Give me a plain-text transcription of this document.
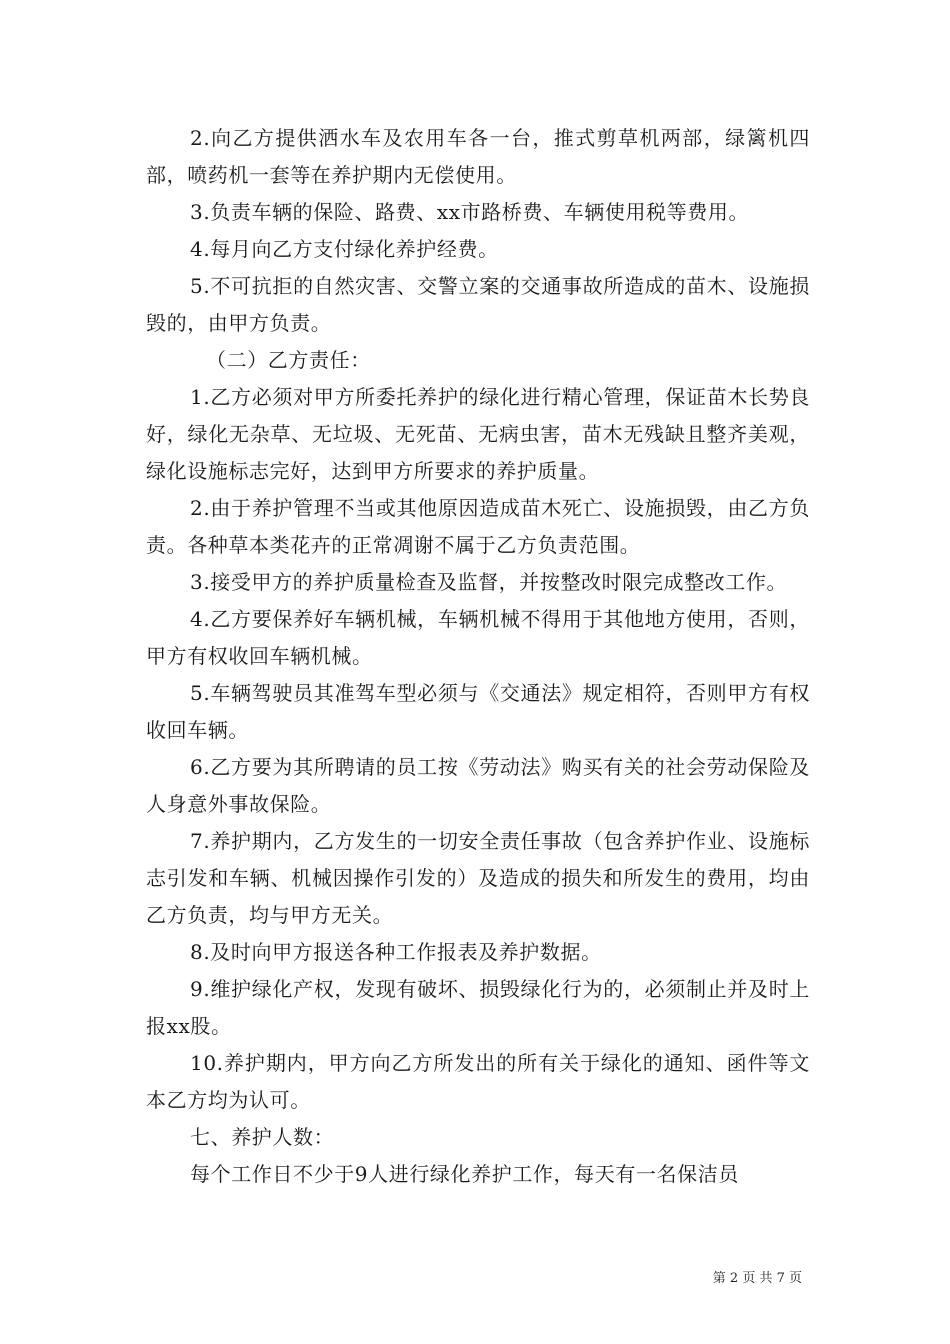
2.向乙方提供洒水车及农用车各一台，推式剪草机两部，绿篱机四部，喷药机一套等在养护期内无偿使用。

3.负责车辆的保险、路费、xx市路桥费、车辆使用税等费用。

4.每月向乙方支付绿化养护经费。

5.不可抗拒的自然灾害、交警立案的交通事故所造成的苗木、设施损毁的，由甲方负责。

（二）乙方责任：

1.乙方必须对甲方所委托养护的绿化进行精心管理，保证苗木长势良好，绿化无杂草、无垃圾、无死苗、无病虫害，苗木无残缺且整齐美观，绿化设施标志完好，达到甲方所要求的养护质量。

2.由于养护管理不当或其他原因造成苗木死亡、设施损毁，由乙方负责。各种草本类花卉的正常凋谢不属于乙方负责范围。

3.接受甲方的养护质量检查及监督，并按整改时限完成整改工作。

4.乙方要保养好车辆机械，车辆机械不得用于其他地方使用，否则，甲方有权收回车辆机械。

5.车辆驾驶员其准驾车型必须与《交通法》规定相符，否则甲方有权收回车辆。

6.乙方要为其所聘请的员工按《劳动法》购买有关的社会劳动保险及人身意外事故保险。

7.养护期内，乙方发生的一切安全责任事故（包含养护作业、设施标志引发和车辆、机械因操作引发的）及造成的损失和所发生的费用，均由乙方负责，均与甲方无关。

8.及时向甲方报送各种工作报表及养护数据。

9.维护绿化产权，发现有破坏、损毁绿化行为的，必须制止并及时上报xx股。

10.养护期内，甲方向乙方所发出的所有关于绿化的通知、函件等文本乙方均为认可。

七、养护人数：

每个工作日不少于9人进行绿化养护工作，每天有一名保洁员

第 2 页 共 7 页
